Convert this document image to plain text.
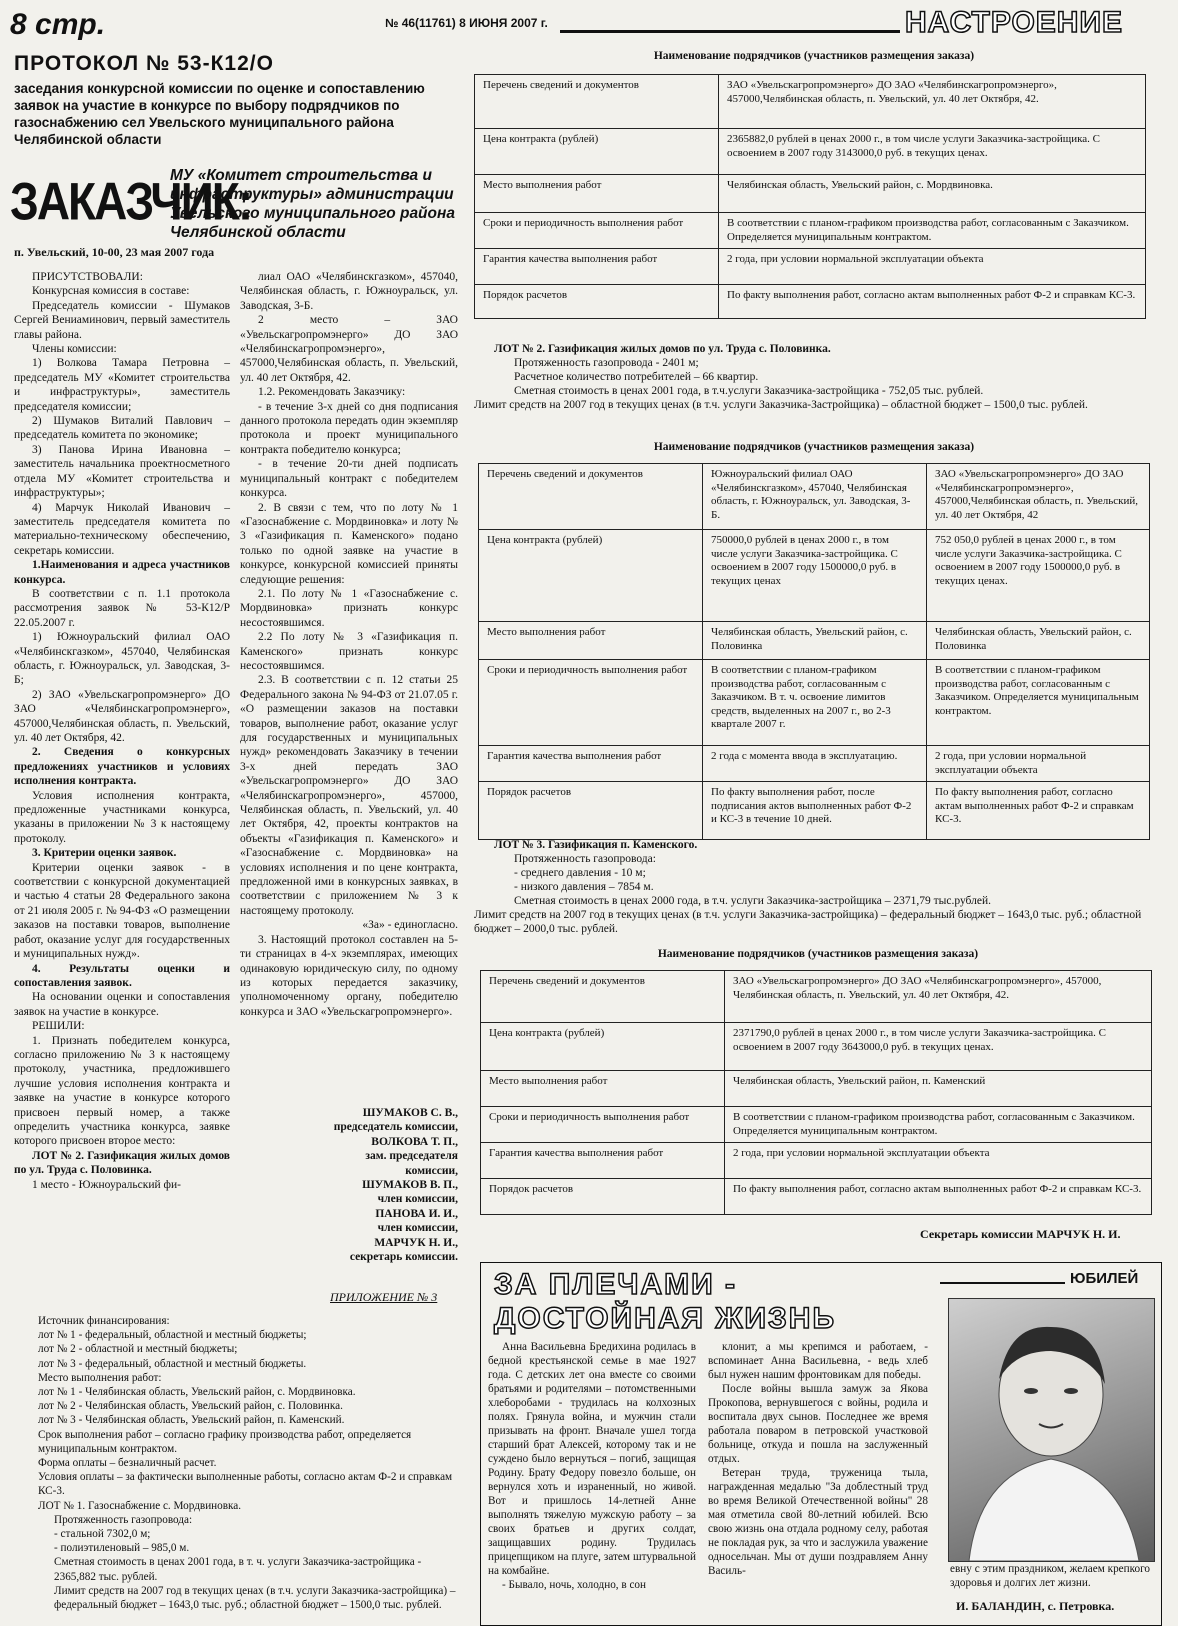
8 стр.	№ 46(11761) 8 ИЮНЯ 2007 г.	НАСТРОЕНИЕ
ПРОТОКОЛ № 53-К12/О
заседания конкурсной комиссии по оценке и сопоставлению заявок на участие в конкурсе по выбору подрядчиков по газоснабжению сел Увельского муниципального района Челябинской области
ЗАКАЗЧИК:
МУ «Комитет строительства и инфраструктуры» администрации Увельского муниципального района Челябинской области
п. Увельский, 10-00, 23 мая 2007 года

ПРИСУТСТВОВАЛИ:

Конкурсная комиссия в составе:

Председатель комиссии - Шумаков Сергей Вениаминович, первый заместитель главы района.

Члены комиссии:

1) Волкова Тамара Петровна – председатель МУ «Комитет строительства и инфраструктуры», заместитель председателя комиссии;

2) Шумаков Виталий Павлович – председатель комитета по экономике;

3) Панова Ирина Ивановна – заместитель начальника проектносметного отдела МУ «Комитет строительства и инфраструктуры»;

4) Марчук Николай Иванович – заместитель председателя комитета по материально-техническому обеспечению, секретарь комиссии.

1.Наименования и адреса участников конкурса.

В соответствии с п. 1.1 протокола рассмотрения заявок № 53-К12/Р 22.05.2007 г.

1) Южноуральский филиал ОАО «Челябинскгазком», 457040, Челябинская область, г. Южноуральск, ул. Заводская, 3-Б;

2) ЗАО «Увельскагропромэнерго» ДО ЗАО «Челябинскагропромэнерго», 457000,Челябинская область, п. Увельский, ул. 40 лет Октября, 42.

2. Сведения о конкурсных предложениях участников и условиях исполнения контракта.

Условия исполнения контракта, предложенные участниками конкурса, указаны в приложении № 3 к настоящему протоколу.

3. Критерии оценки заявок.

Критерии оценки заявок - в соответствии с конкурсной документацией и частью 4 статьи 28 Федерального закона от 21 июля 2005 г. № 94-ФЗ «О размещении заказов на поставки товаров, выполнение работ, оказание услуг для государственных и муниципальных нужд».

4. Результаты оценки и сопоставления заявок.

На основании оценки и сопоставления заявок на участие в конкурсе.

РЕШИЛИ:

1. Признать победителем конкурса, согласно приложению № 3 к настоящему протоколу, участника, предложившего лучшие условия исполнения контракта и заявке на участие в конкурсе которого присвоен первый номер, а также определить участника конкурса, заявке которого присвоен второе место:

ЛОТ № 2. Газификация жилых домов по ул. Труда с. Половинка.

1 место - Южноуральский фи-

лиал ОАО «Челябинскгазком», 457040, Челябинская область, г. Южноуральск, ул. Заводская, 3-Б.

2 место – ЗАО «Увельскагропромэнерго» ДО ЗАО «Челябинскагропромэнерго», 457000,Челябинская область, п. Увельский, ул. 40 лет Октября, 42.

1.2. Рекомендовать Заказчику:

- в течение 3-х дней со дня подписания данного протокола передать один экземпляр протокола и проект муниципального контракта победителю конкурса;

- в течение 20-ти дней подписать муниципальный контракт с победителем конкурса.

2. В связи с тем, что по лоту № 1 «Газоснабжение с. Мордвиновка» и лоту № 3 «Газификация п. Каменского» подано только по одной заявке на участие в конкурсе, конкурсной комиссией приняты следующие решения:

2.1. По лоту № 1 «Газоснабжение с. Мордвиновка» признать конкурс несостоявшимся.

2.2 По лоту № 3 «Газификация п. Каменского» признать конкурс несостоявшимся.

2.3. В соответствии с п. 12 статьи 25 Федерального закона № 94-ФЗ от 21.07.05 г. «О размещении заказов на поставки товаров, выполнение работ, оказание услуг для государственных и муниципальных нужд» рекомендовать Заказчику в течении 3-х дней передать ЗАО «Увельскагропромэнерго» ДО ЗАО «Челябинскагропромэнерго», 457000, Челябинская область, п. Увельский, ул. 40 лет Октября, 42, проекты контрактов на объекты «Газификация п. Каменского» и «Газоснабжение с. Мордвиновка» на условиях исполнения и по цене контракта, предложенной ими в конкурсных заявках, в соответствии с приложением № 3 к настоящему протоколу.

«За» - единогласно.

3. Настоящий протокол составлен на 5-ти страницах в 4-х экземплярах, имеющих одинаковую юридическую силу, по одному из которых передается заказчику, уполномоченному органу, победителю конкурса и ЗАО «Увельскагропромэнерго».

ШУМАКОВ С. В.,

председатель комиссии,

ВОЛКОВА Т. П.,

зам. председателя

комиссии,

ШУМАКОВ В. П.,

член комиссии,

ПАНОВА И. И.,

член комиссии,

МАРЧУК Н. И.,

секретарь комиссии.

ПРИЛОЖЕНИЕ № 3

Источник финансирования:

лот № 1 - федеральный, областной и местный бюджеты;

лот № 2 - областной и местный бюджеты;

лот № 3 - федеральный, областной и местный бюджеты.

Место выполнения работ:

лот № 1 - Челябинская область, Увельский район, с. Мордвиновка.

лот № 2 - Челябинская область, Увельский район, с. Половинка.

лот № 3 - Челябинская область, Увельский район, п. Каменский.

Срок выполнения работ – согласно графику производства работ, определяется муниципальным контрактом.

Форма оплаты – безналичный расчет.

Условия оплаты – за фактически выполненные работы, согласно актам Ф-2 и справкам КС-3.

ЛОТ № 1. Газоснабжение с. Мордвиновка.

Протяженность газопровода:

- стальной 7302,0 м;

- полиэтиленовый – 985,0 м.

Сметная стоимость в ценах 2001 года, в т. ч. услуги Заказчика-застройщика - 2365,882 тыс. рублей.

Лимит средств на 2007 год в текущих ценах (в т.ч. услуги Заказчика-застройщика) – федеральный бюджет – 1643,0 тыс. руб.; областной бюджет – 1500,0 тыс. рублей.

Наименование подрядчиков (участников размещения заказа)
Перечень сведений и документов	ЗАО «Увельскагропромэнерго» ДО ЗАО «Челябинскагропромэнерго», 457000,Челябинская область, п. Увельский, ул. 40 лет Октября, 42.
Цена контракта (рублей)	2365882,0 рублей в ценах 2000 г., в том числе услуги Заказчика-застройщика. С освоением в 2007 году 3143000,0 руб. в текущих ценах.
Место выполнения работ	Челябинская область, Увельский район, с. Мордвиновка.
Сроки и периодичность выполнения работ	В соответствии с планом-графиком производства работ, согласованным с Заказчиком. Определяется муниципальным контрактом.
Гарантия качества выполнения работ	2 года, при условии нормальной эксплуатации объекта
Порядок расчетов	По факту выполнения работ, согласно актам выполненных работ Ф-2 и справкам КС-3.

ЛОТ № 2. Газификация жилых домов по ул. Труда с. Половинка.

Протяженность газопровода - 2401 м;

Расчетное количество потребителей – 66 квартир.

Сметная стоимость в ценах 2001 года, в т.ч.услуги Заказчика-застройщика - 752,05 тыс. рублей.

Лимит средств на 2007 год в текущих ценах (в т.ч. услуги Заказчика-Застройщика) – областной бюджет – 1500,0 тыс. рублей.

Наименование подрядчиков (участников размещения заказа)
Перечень сведений и документов	Южноуральский филиал ОАО «Челябинскгазком», 457040, Челябинская область, г. Южноуральск, ул. Заводская, 3-Б.	ЗАО «Увельскагропромэнерго» ДО ЗАО «Челябинскагропромэнерго», 457000,Челябинская область, п. Увельский, ул. 40 лет Октября, 42
Цена контракта (рублей)	750000,0 рублей в ценах 2000 г., в том числе услуги Заказчика-застройщика. С освоением в 2007 году 1500000,0 руб. в текущих ценах	752 050,0 рублей в ценах 2000 г., в том числе услуги Заказчика-застройщика. С освоением в 2007 году 1500000,0 руб. в текущих ценах.
Место выполнения работ	Челябинская область, Увельский район, с. Половинка	Челябинская область, Увельский район, с. Половинка
Сроки и периодичность выполнения работ	В соответствии с планом-графиком производства работ, согласованным с Заказчиком. В т. ч. освоение лимитов средств, выделенных на 2007 г., во 2-3 квартале 2007 г.	В соответствии с планом-графиком производства работ, согласованным с Заказчиком. Определяется муниципальным контрактом.
Гарантия качества выполнения работ	2 года с момента ввода в эксплуатацию.	2 года, при условии нормальной эксплуатации объекта
Порядок расчетов	По факту выполнения работ, после подписания актов выполненных работ Ф-2 и КС-3 в течение 10 дней.	По факту выполнения работ, согласно актам выполненных работ Ф-2 и справкам КС-3.

ЛОТ № 3. Газификация п. Каменского.

Протяженность газопровода:

- среднего давления - 10 м;

- низкого давления – 7854 м.

Сметная стоимость в ценах 2000 года, в т.ч. услуги Заказчика-застройщика – 2371,79 тыс.рублей.

Лимит средств на 2007 год в текущих ценах (в т.ч. услуги Заказчика-застройщика) – федеральный бюджет – 1643,0 тыс. руб.; областной бюджет – 2000,0 тыс. рублей.

Наименование подрядчиков (участников размещения заказа)
Перечень сведений и документов	ЗАО «Увельскагропромэнерго» ДО ЗАО «Челябинскагропромэнерго», 457000, Челябинская область, п. Увельский, ул. 40 лет Октября, 42.
Цена контракта (рублей)	2371790,0 рублей в ценах 2000 г., в том числе услуги Заказчика-застройщика. С освоением в 2007 году 3643000,0 руб. в текущих ценах.
Место выполнения работ	Челябинская область, Увельский район, п. Каменский
Сроки и периодичность выполнения работ	В соответствии с планом-графиком производства работ, согласованным с Заказчиком. Определяется муниципальным контрактом.
Гарантия качества выполнения работ	2 года, при условии нормальной эксплуатации объекта
Порядок расчетов	По факту выполнения работ, согласно актам выполненных работ Ф-2 и справкам КС-3.
Секретарь комиссии МАРЧУК Н. И.
ЗА ПЛЕЧАМИ -
ДОСТОЙНАЯ ЖИЗНЬ
ЮБИЛЕЙ

Анна Васильевна Бредихина родилась в бедной крестьянской семье в мае 1927 года. С детских лет она вместе со своими братьями и родителями – потомственными хлеборобами - трудилась на колхозных полях. Грянула война, и мужчин стали призывать на фронт. Вначале ушел тогда старший брат Алексей, которому так и не суждено было вернуться – погиб, защищая Родину. Брату Федору повезло больше, он вернулся хоть и израненный, но живой. Вот и пришлось 14-летней Анне выполнять тяжелую мужскую работу – за своих братьев и других солдат, защищавших родину. Трудилась прицепщиком на плуге, затем штурвальной на комбайне.

- Бывало, ночь, холодно, в сон

клонит, а мы крепимся и работаем, - вспоминает Анна Васильевна, - ведь хлеб был нужен нашим фронтовикам для победы.

После войны вышла замуж за Якова Прокопова, вернувшегося с войны, родила и воспитала двух сынов. Последнее же время работала поваром в петровской участковой больнице, откуда и пошла на заслуженный отдых.

Ветеран труда, труженица тыла, награжденная медалью "За доблестный труд во время Великой Отечественной войны" 28 мая отметила свой 80-летний юбилей. Всю свою жизнь она отдала родному селу, работая не покладая рук, за что и заслужила уважение односельчан. Мы от души поздравляем Анну Василь-	евну с этим праздником, желаем крепкого здоровья и долгих лет жизни.
И. БАЛАНДИН, с. Петровка.
